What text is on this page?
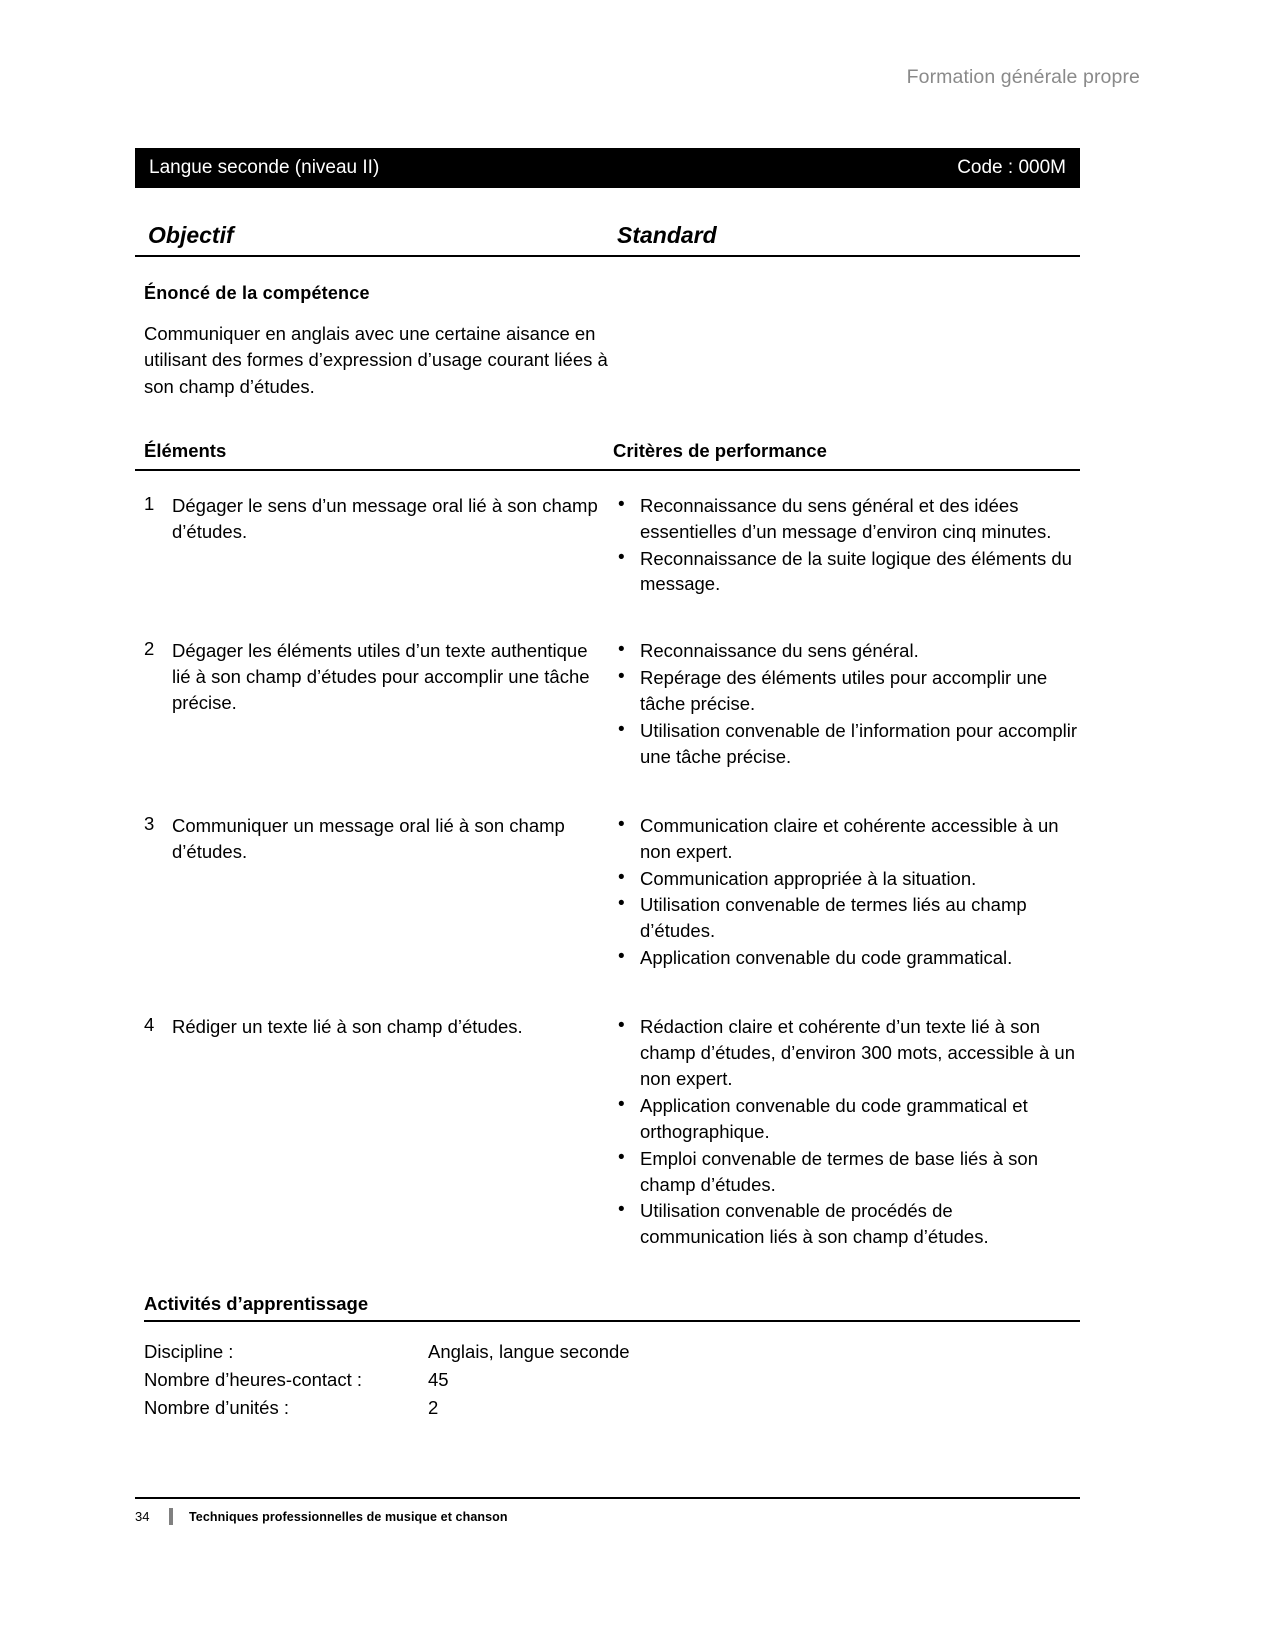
Formation générale propre
Langue seconde (niveau II)	Code : 000M
Objectif	Standard
Énoncé de la compétence
Communiquer en anglais avec une certaine aisance en utilisant des formes d’expression d’usage courant liées à son champ d’études.
Éléments	Critères de performance
1 Dégager le sens d’un message oral lié à son champ d’études.
• Reconnaissance du sens général et des idées essentielles d’un message d’environ cinq minutes.
• Reconnaissance de la suite logique des éléments du message.
2 Dégager les éléments utiles d’un texte authentique lié à son champ d’études pour accomplir une tâche précise.
• Reconnaissance du sens général.
• Repérage des éléments utiles pour accomplir une tâche précise.
• Utilisation convenable de l’information pour accomplir une tâche précise.
3 Communiquer un message oral lié à son champ d’études.
• Communication claire et cohérente accessible à un non expert.
• Communication appropriée à la situation.
• Utilisation convenable de termes liés au champ d’études.
• Application convenable du code grammatical.
4 Rédiger un texte lié à son champ d’études.	• Rédaction claire et cohérente d’un texte lié à son champ d’études, d’environ 300 mots, accessible à un non expert.
• Application convenable du code grammatical et orthographique.
• Emploi convenable de termes de base liés à son champ d’études.
• Utilisation convenable de procédés de communication liés à son champ d’études.
Activités d’apprentissage
Discipline :	Anglais, langue seconde
Nombre d’heures-contact :	45
Nombre d’unités :	2
34	Techniques professionnelles de musique et chanson
